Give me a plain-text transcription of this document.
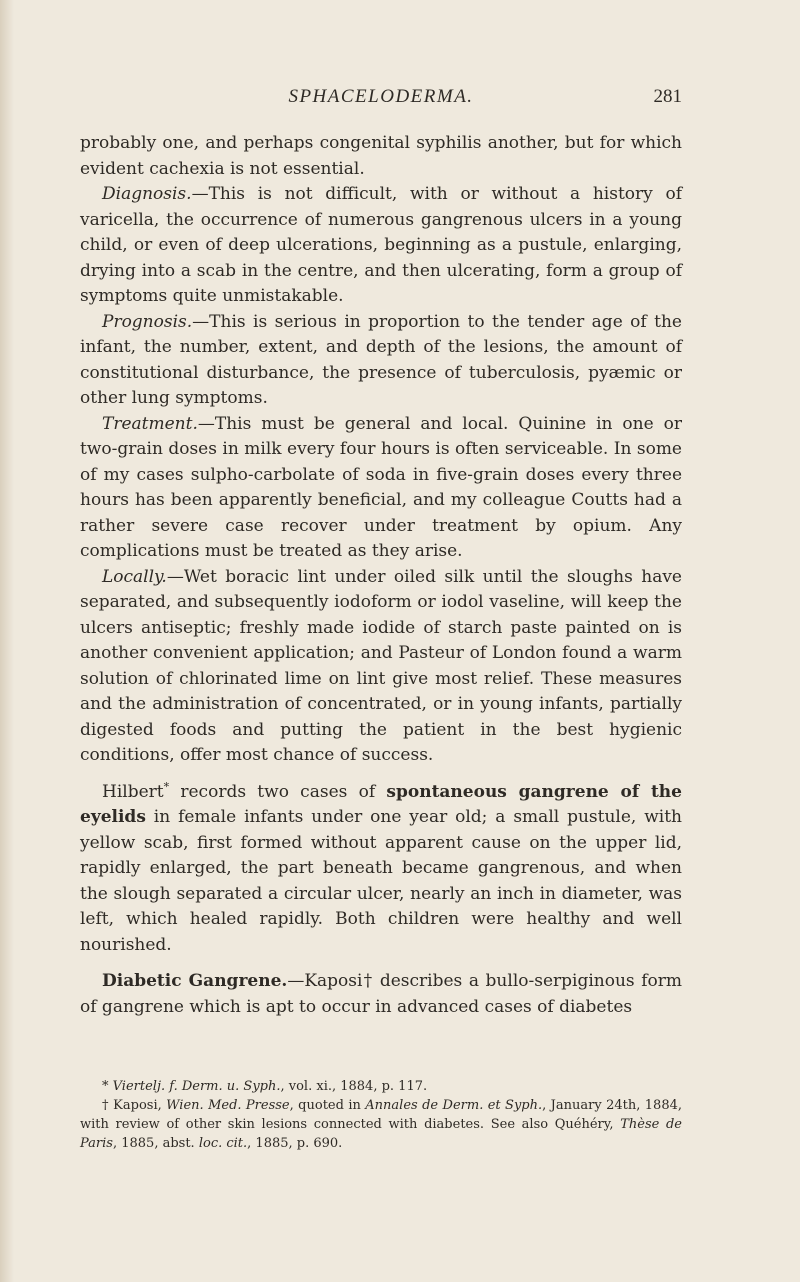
SPHACELODERMA.	281

probably one, and perhaps congenital syphilis another, but for which evident cachexia is not essential.

Diagnosis.—This is not difficult, with or without a history of varicella, the occurrence of numerous gangrenous ulcers in a young child, or even of deep ulcerations, beginning as a pustule, enlarging, drying into a scab in the centre, and then ulcerating, form a group of symptoms quite unmistakable.

Prognosis.—This is serious in proportion to the tender age of the infant, the number, extent, and depth of the lesions, the amount of constitutional disturbance, the presence of tuberculosis, pyæmic or other lung symptoms.

Treatment.—This must be general and local. Quinine in one or two-grain doses in milk every four hours is often serviceable. In some of my cases sulpho-carbolate of soda in five-grain doses every three hours has been apparently beneficial, and my colleague Coutts had a rather severe case recover under treatment by opium. Any complications must be treated as they arise.

Locally.—Wet boracic lint under oiled silk until the sloughs have separated, and subsequently iodoform or iodol vaseline, will keep the ulcers antiseptic; freshly made iodide of starch paste painted on is another convenient application; and Pasteur of London found a warm solution of chlorinated lime on lint give most relief. These measures and the administration of concentrated, or in young infants, partially digested foods and putting the patient in the best hygienic conditions, offer most chance of success.

Hilbert* records two cases of spontaneous gangrene of the eyelids in female infants under one year old; a small pustule, with yellow scab, first formed without apparent cause on the upper lid, rapidly enlarged, the part beneath became gangrenous, and when the slough separated a circular ulcer, nearly an inch in diameter, was left, which healed rapidly. Both children were healthy and well nourished.

Diabetic Gangrene.—Kaposi† describes a bullo-serpiginous form of gangrene which is apt to occur in advanced cases of diabetes

* Viertelj. f. Derm. u. Syph., vol. xi., 1884, p. 117.

† Kaposi, Wien. Med. Presse, quoted in Annales de Derm. et Syph., January 24th, 1884, with review of other skin lesions connected with diabetes. See also Quéhéry, Thèse de Paris, 1885, abst. loc. cit., 1885, p. 690.
